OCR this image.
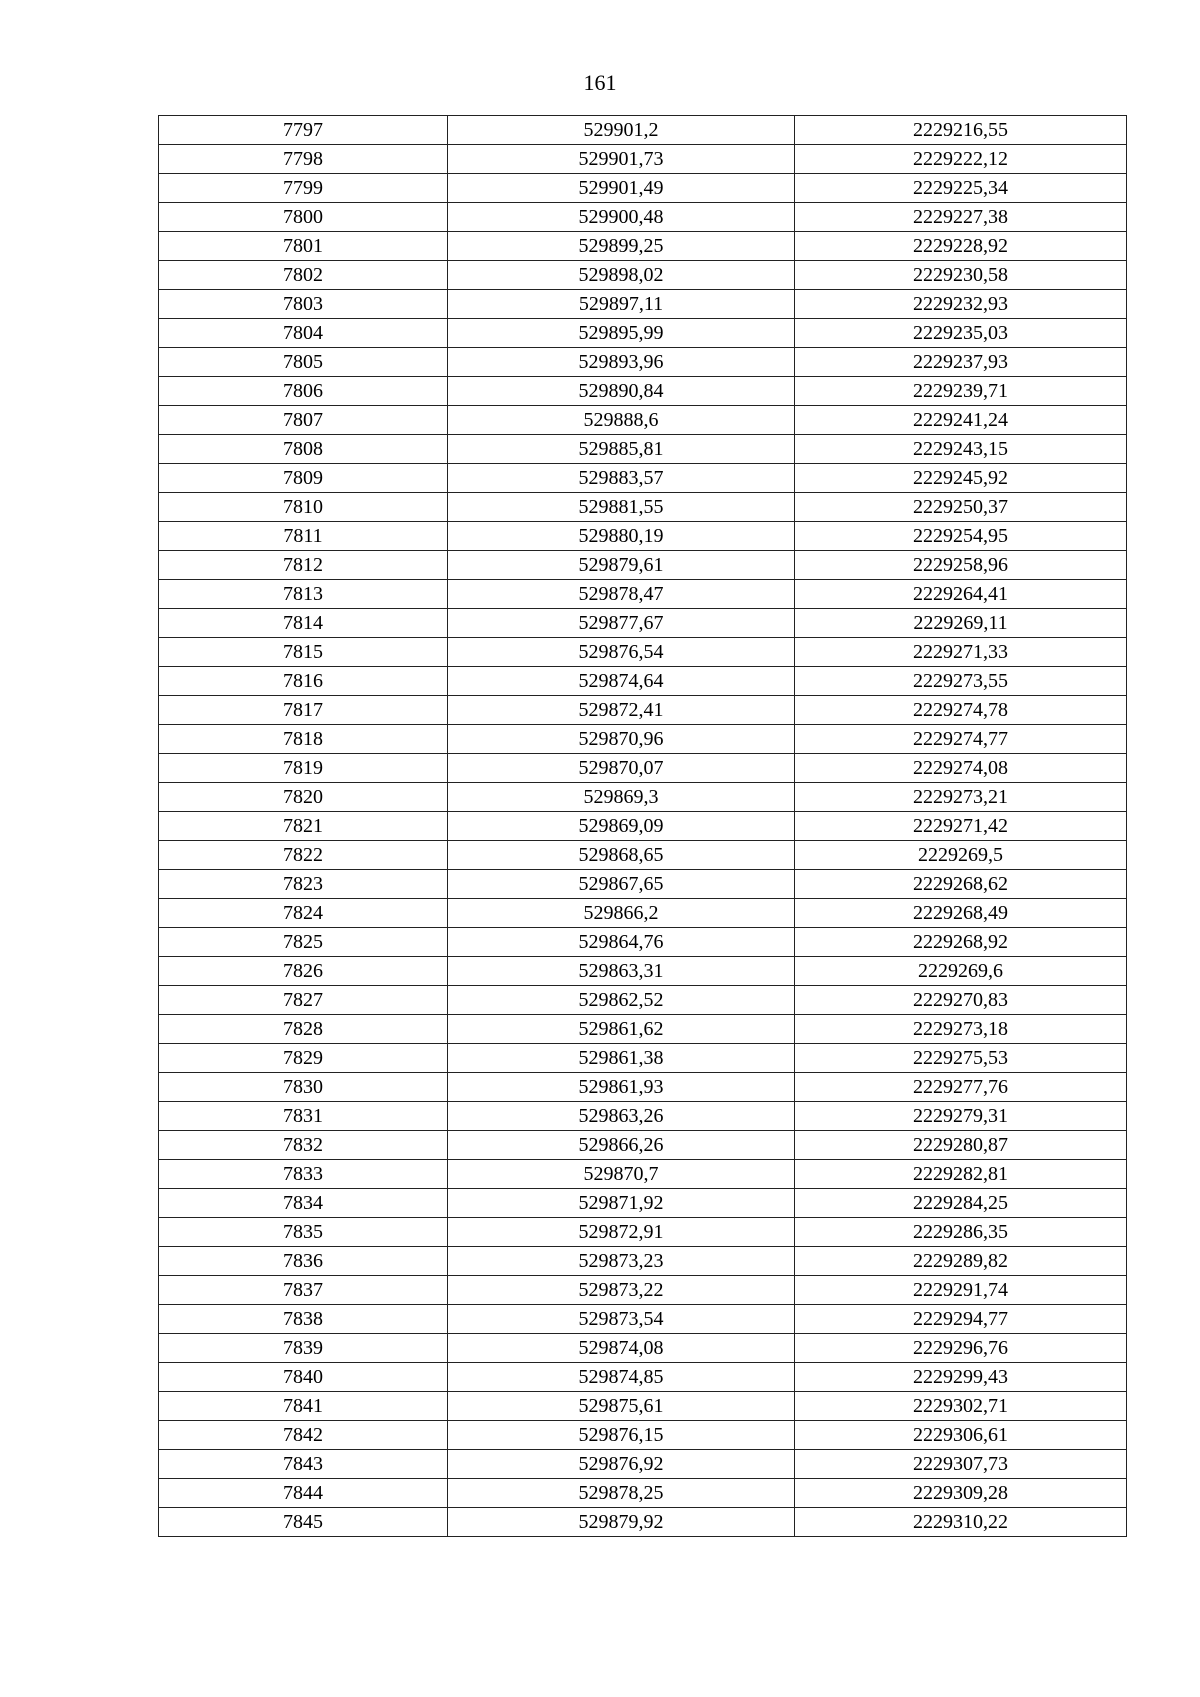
161
7797	529901,2	2229216,55
7798	529901,73	2229222,12
7799	529901,49	2229225,34
7800	529900,48	2229227,38
7801	529899,25	2229228,92
7802	529898,02	2229230,58
7803	529897,11	2229232,93
7804	529895,99	2229235,03
7805	529893,96	2229237,93
7806	529890,84	2229239,71
7807	529888,6	2229241,24
7808	529885,81	2229243,15
7809	529883,57	2229245,92
7810	529881,55	2229250,37
7811	529880,19	2229254,95
7812	529879,61	2229258,96
7813	529878,47	2229264,41
7814	529877,67	2229269,11
7815	529876,54	2229271,33
7816	529874,64	2229273,55
7817	529872,41	2229274,78
7818	529870,96	2229274,77
7819	529870,07	2229274,08
7820	529869,3	2229273,21
7821	529869,09	2229271,42
7822	529868,65	2229269,5
7823	529867,65	2229268,62
7824	529866,2	2229268,49
7825	529864,76	2229268,92
7826	529863,31	2229269,6
7827	529862,52	2229270,83
7828	529861,62	2229273,18
7829	529861,38	2229275,53
7830	529861,93	2229277,76
7831	529863,26	2229279,31
7832	529866,26	2229280,87
7833	529870,7	2229282,81
7834	529871,92	2229284,25
7835	529872,91	2229286,35
7836	529873,23	2229289,82
7837	529873,22	2229291,74
7838	529873,54	2229294,77
7839	529874,08	2229296,76
7840	529874,85	2229299,43
7841	529875,61	2229302,71
7842	529876,15	2229306,61
7843	529876,92	2229307,73
7844	529878,25	2229309,28
7845	529879,92	2229310,22
